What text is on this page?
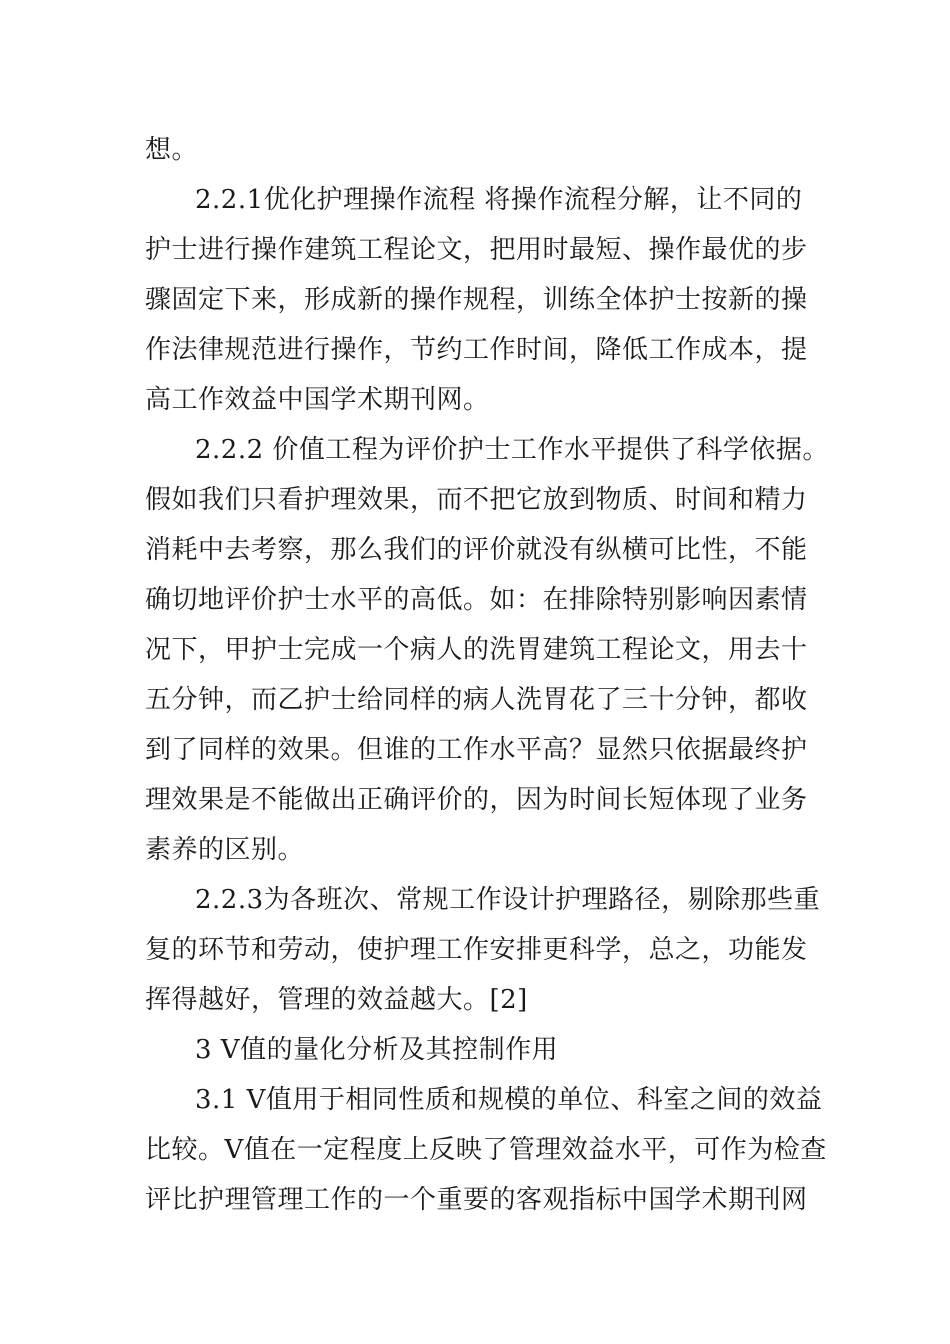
想。
2.2.1优化护理操作流程 将操作流程分解，让不同的
护士进行操作建筑工程论文，把用时最短、操作最优的步
骤固定下来，形成新的操作规程，训练全体护士按新的操
作法律规范进行操作，节约工作时间，降低工作成本，提
高工作效益中国学术期刊网。
2.2.2 价值工程为评价护士工作水平提供了科学依据。
假如我们只看护理效果，而不把它放到物质、时间和精力
消耗中去考察，那么我们的评价就没有纵横可比性，不能
确切地评价护士水平的高低。如：在排除特别影响因素情
况下，甲护士完成一个病人的洗胃建筑工程论文，用去十
五分钟，而乙护士给同样的病人洗胃花了三十分钟，都收
到了同样的效果。但谁的工作水平高？显然只依据最终护
理效果是不能做出正确评价的，因为时间长短体现了业务
素养的区别。
2.2.3为各班次、常规工作设计护理路径，剔除那些重
复的环节和劳动，使护理工作安排更科学，总之，功能发
挥得越好，管理的效益越大。[2]
3 V值的量化分析及其控制作用
3.1 V值用于相同性质和规模的单位、科室之间的效益
比较。V值在一定程度上反映了管理效益水平，可作为检查
评比护理管理工作的一个重要的客观指标中国学术期刊网
